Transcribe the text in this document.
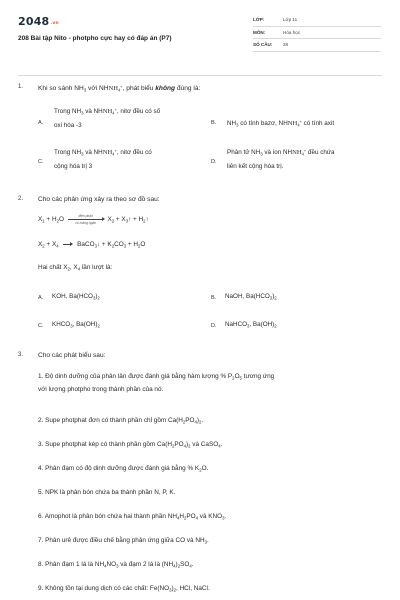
2048.vn
208 Bài tập Nito - photpho cực hay có đáp án (P7)
LỚP:	Lớp 11
MÔN:	Hóa học
SỐ CÂU:	28
1. Khi so sánh $NH_3$ với $NHNH_4^+$, phát biểu không đúng là:
A.
Trong $NH_3$ và $NHNH_4^+$, nitơ đều có số
oxi hóa -3	B. $NH_3$ có tính bazơ, $NHNH_4^+$ có tính axit
C.
Trong $NH_3$ và $NHNH_4^+$, nitơ đều có
cộng hóa trị 3
D.
Phân tử $NH_3$ và ion $NHNH_4^+$ đều chứa
liên kết cộng hóa trị.
2. Cho các phản ứng xảy ra theo sơ đồ sau:
$X_1 + H_2O$
điện phân
có màng ngăn	$X_2$ + $X_3↑$ + $H_2↑$
$X_2 + X_4$ → BaCO$_3$↓ + $K_2CO_3 + H_2O$
Hai chất $X_2$, $X_4$ lần lượt là:
A. KOH, $Ba(HCO_3)_2$	B. NaOH, $Ba(HCO_3)_2$
C. $KHCO_3$, $Ba(OH)_2$	D. NaHCO$_3$, $Ba(OH)_2$
3. Cho các phát biểu sau:
1. Độ dinh dưỡng của phân lân được đánh giá bằng hàm lượng % $P_2O_5$ tương ứng
với lượng photpho trong thành phần của nó.
2. Supe photphat đơn có thành phần chỉ gồm $Ca(H_2PO_4)_2$.
3. Supe photphat kép có thành phần gồm $Ca(H_2PO_4)_2$ và CaSO$_4$.
4. Phân đạm có độ dinh dưỡng được đánh giá bằng % $K_2O$.
5. NPK là phân bón chứa ba thành phần N, P, K.
6. Amophot là phân bón chứa hai thành phần $NH_4H_2PO_4$ và $KNO_3$.
7. Phân urê được điều chế bằng phản ứng giữa CO và $NH_3$.
8. Phân đạm 1 lá là $NH_4NO_3$ và đạm 2 lá là $(NH_4)_2SO_4$.
9. Không tồn tại dung dịch có các chất: $Fe(NO_3)_2$, HCl, NaCl.
